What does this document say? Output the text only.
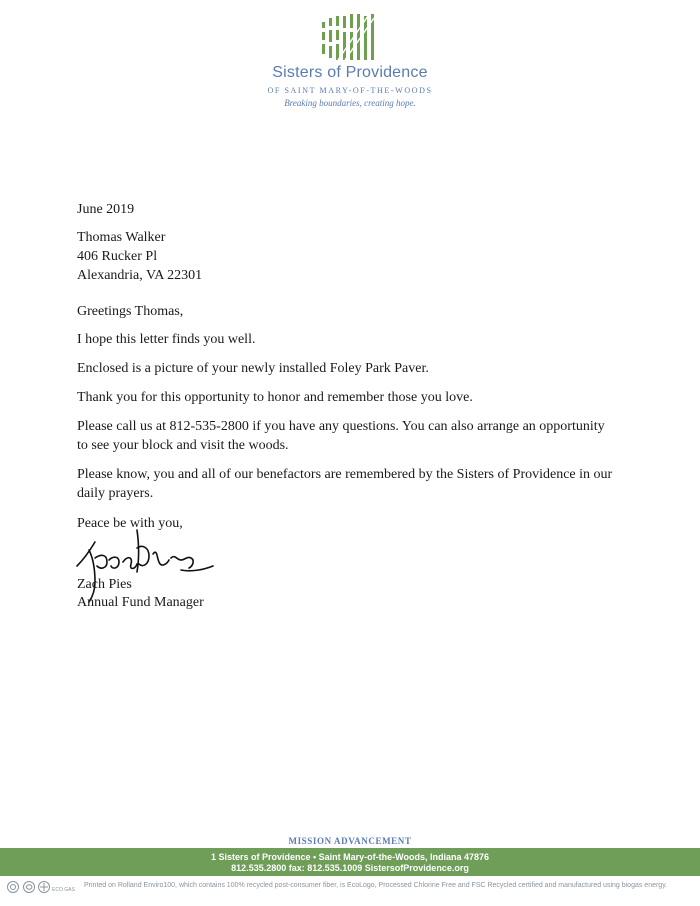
Sisters of Providence
OF SAINT MARY-OF-THE-WOODS
Breaking boundaries, creating hope.
June 2019
Thomas Walker
406 Rucker Pl
Alexandria, VA 22301
Greetings Thomas,
I hope this letter finds you well.
Enclosed is a picture of your newly installed Foley Park Paver.
Thank you for this opportunity to honor and remember those you love.
Please call us at 812-535-2800 if you have any questions. You can also arrange an opportunity to see your block and visit the woods.
Please know, you and all of our benefactors are remembered by the Sisters of Providence in our daily prayers.
Peace be with you,
Zach Pies
Annual Fund Manager
MISSION ADVANCEMENT
1 Sisters of Providence • Saint Mary-of-the-Woods, Indiana 47876
812.535.2800 fax: 812.535.1009 SistersofProvidence.org
ECO GAS
Printed on Rolland Enviro100, which contains 100% recycled post-consumer fiber, is EcoLogo, Processed Chlorine Free and FSC Recycled certified and manufactured using biogas energy.
